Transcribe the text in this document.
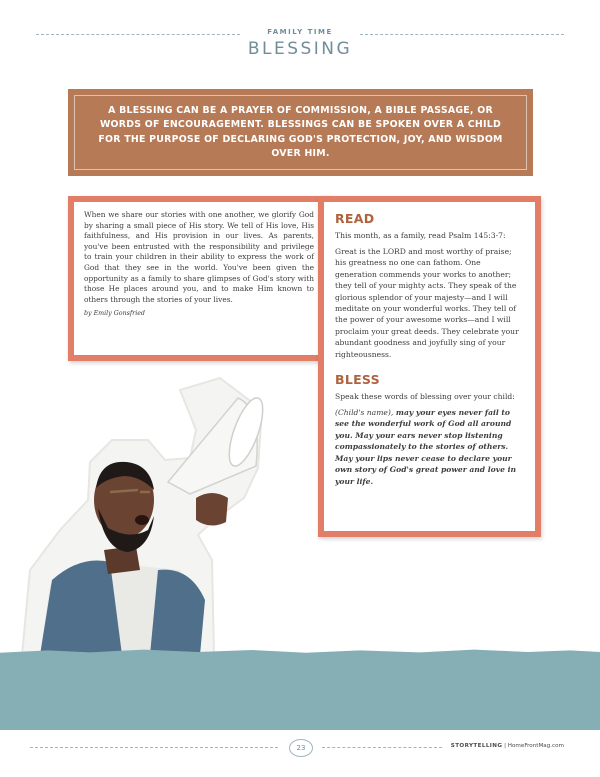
FAMILY TIME
BLESSING
A BLESSING CAN BE A PRAYER OF COMMISSION, A BIBLE PASSAGE, OR WORDS OF ENCOURAGEMENT. BLESSINGS CAN BE SPOKEN OVER A CHILD FOR THE PURPOSE OF DECLARING GOD'S PROTECTION, JOY, AND WISDOM OVER HIM.
When we share our stories with one another, we glorify God by sharing a small piece of His story. We tell of His love, His faithfulness, and His provision in our lives. As parents, you've been entrusted with the responsibility and privilege to train your children in their ability to express the work of God that they see in the world. You've been given the opportunity as a family to share glimpses of God's story with those He places around you, and to make Him known to others through the stories of your lives.
by Emily Gonsfried
READ
This month, as a family, read Psalm 145:3-7:
Great is the LORD and most worthy of praise; his greatness no one can fathom. One generation commends your works to another; they tell of your mighty acts. They speak of the glorious splendor of your majesty—and I will meditate on your wonderful works. They tell of the power of your awesome works—and I will proclaim your great deeds. They celebrate your abundant goodness and joyfully sing of your righteousness.
BLESS
Speak these words of blessing over your child:
(Child's name), may your eyes never fail to see the wonderful work of God all around you. May your ears never stop listening compassionately to the stories of others. May your lips never cease to declare your own story of God's great power and love in your life.
23	STORYTELLING | HomeFrontMag.com
